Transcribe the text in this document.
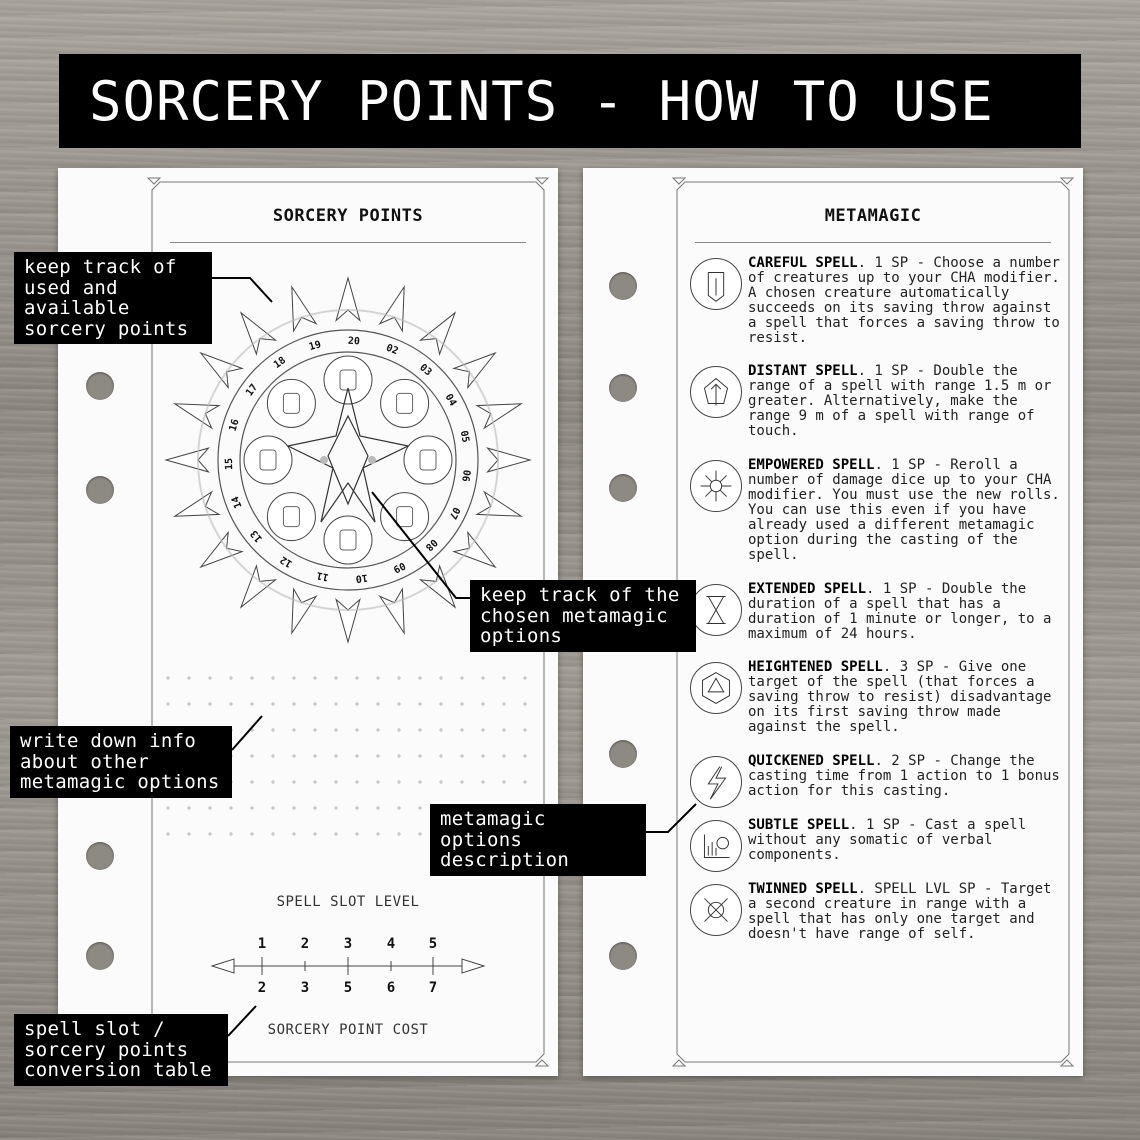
SORCERY POINTS - HOW TO USE
SORCERY POINTS
20
02
03
04
05
06
07
08
09
10
11
12
13
14
15
16
17
18
19
SPELL SLOT LEVEL
1	2	3	4	5
2	3	5	6	7
SORCERY POINT COST
METAMAGIC
CAREFUL SPELL. 1 SP - Choose a number of creatures up to your CHA modifier. A chosen creature automatically succeeds on its saving throw against a spell that forces a saving throw to resist.
DISTANT SPELL. 1 SP - Double the range of a spell with range 1.5 m or greater. Alternatively, make the range 9 m of a spell with range of touch.
EMPOWERED SPELL. 1 SP - Reroll a number of damage dice up to your CHA modifier. You must use the new rolls. You can use this even if you have already used a different metamagic option during the casting of the spell.
EXTENDED SPELL. 1 SP - Double the duration of a spell that has a duration of 1 minute or longer, to a maximum of 24 hours.
HEIGHTENED SPELL. 3 SP - Give one target of the spell (that forces a saving throw to resist) disadvantage on its first saving throw made against the spell.
QUICKENED SPELL. 2 SP - Change the casting time from 1 action to 1 bonus action for this casting.
SUBTLE SPELL. 1 SP - Cast a spell without any somatic of verbal components.
TWINNED SPELL. SPELL LVL SP - Target a second creature in range with a spell that has only one target and doesn't have range of self.
keep track of
used and
available
sorcery points
keep track of the
chosen metamagic
options
write down info
about other
metamagic options
metamagic options
description
spell slot /
sorcery points
conversion table
